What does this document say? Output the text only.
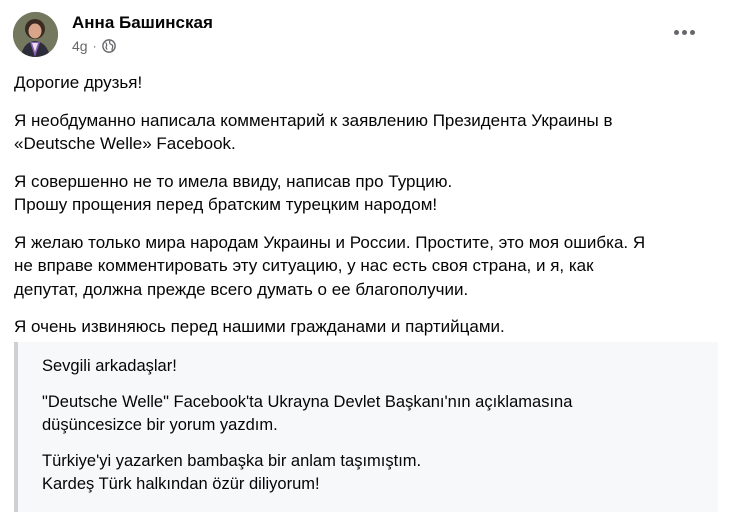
Анна Башинская
4g ·

Дорогие друзья!

Я необдуманно написала комментарий к заявлению Президента Украины в
«Deutsche Welle» Facebook.

Я совершенно не то имела ввиду, написав про Турцию.
Прошу прощения перед братским турецким народом!

Я желаю только мира народам Украины и России. Простите, это моя ошибка. Я
не вправе комментировать эту ситуацию, у нас есть своя страна, и я, как
депутат, должна прежде всего думать о ее благополучии.

Я очень извиняюсь перед нашими гражданами и партийцами.

Sevgili arkadaşlar!

"Deutsche Welle" Facebook'ta Ukrayna Devlet Başkanı'nın açıklamasına
düşüncesizce bir yorum yazdım.

Türkiye'yi yazarken bambaşka bir anlam taşımıştım.
Kardeş Türk halkından özür diliyorum!
